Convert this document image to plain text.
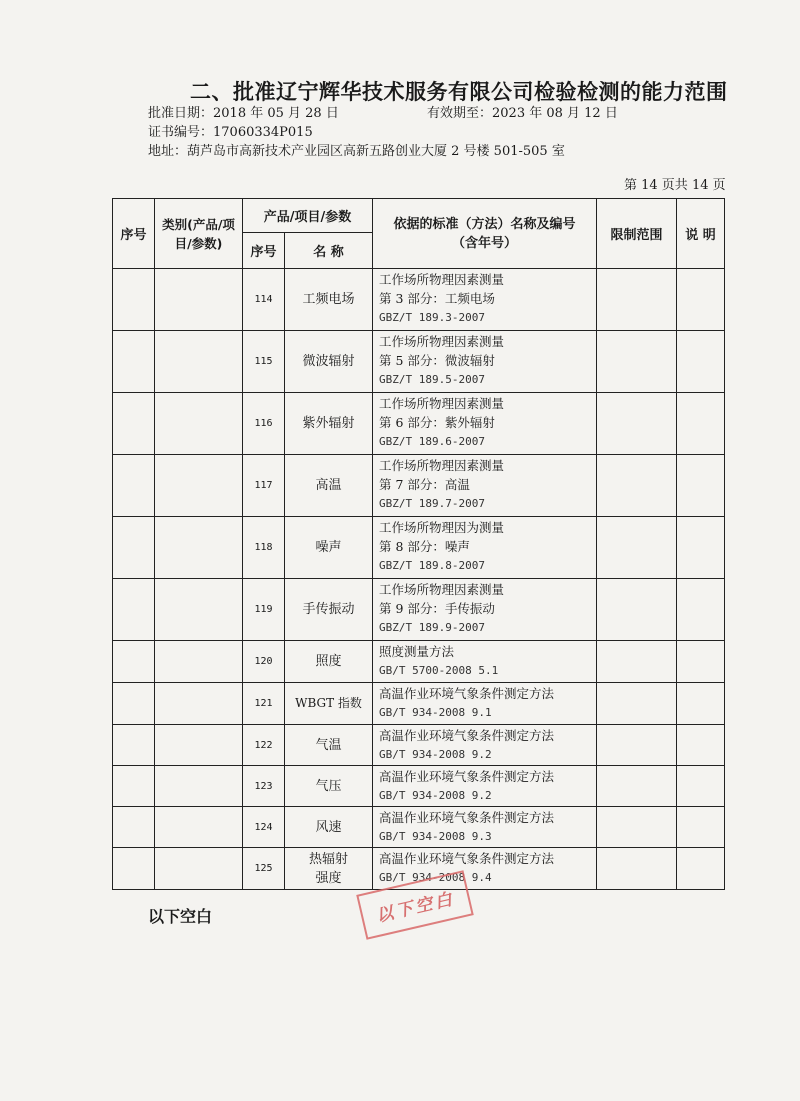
二、批准辽宁辉华技术服务有限公司检验检测的能力范围
批准日期：2018 年 05 月 28 日	有效期至：2023 年 08 月 12 日
证书编号：17060334P015
地址：葫芦岛市高新技术产业园区高新五路创业大厦 2 号楼 501-505 室
第 14 页共 14 页
序号	类别(产品/项目/参数)	产品/项目/参数		依据的标准（方法）名称及编号（含年号）	限制范围	说 明
		序号	名 称			
		114	工频电场	工作场所物理因素测量
第 3 部分：工频电场
GBZ/T 189.3-2007		

		115	微波辐射	工作场所物理因素测量
第 5 部分：微波辐射
GBZ/T 189.5-2007		

		116	紫外辐射	工作场所物理因素测量
第 6 部分：紫外辐射
GBZ/T 189.6-2007		

		117	高温	工作场所物理因素测量
第 7 部分：高温
GBZ/T 189.7-2007		

		118	噪声	工作场所物理因为测量
第 8 部分：噪声
GBZ/T 189.8-2007		

		119	手传振动	工作场所物理因素测量
第 9 部分：手传振动
GBZ/T 189.9-2007		

		120	照度	照度测量方法
GB/T 5700-2008 5.1		

		121	WBGT 指数	高温作业环境气象条件测定方法
GB/T 934-2008 9.1		

		122	气温	高温作业环境气象条件测定方法
GB/T 934-2008 9.2		

		123	气压	高温作业环境气象条件测定方法
GB/T 934-2008 9.2		

		124	风速	高温作业环境气象条件测定方法
GB/T 934-2008 9.3		

		125	热辐射强度	高温作业环境气象条件测定方法
GB/T 934-2008 9.4		

以下空白	以下空白
